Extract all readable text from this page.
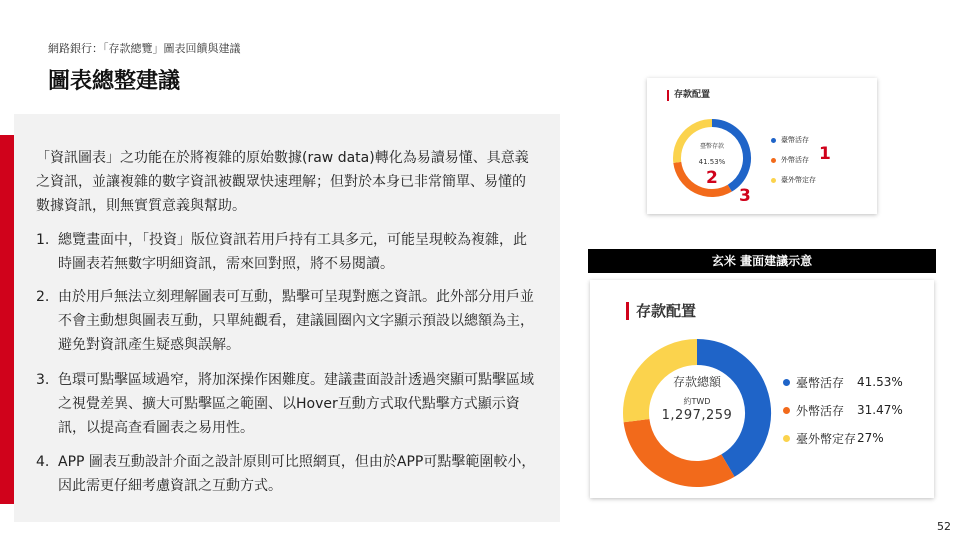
網路銀行：「存款總覽」圖表回饋與建議
圖表總整建議

「資訊圖表」之功能在於將複雜的原始數據(raw data)轉化為易讀易懂、具意義之資訊，並讓複雜的數字資訊被觀眾快速理解；但對於本身已非常簡單、易懂的數據資訊，則無實質意義與幫助。

1. 總覽畫面中，「投資」版位資訊若用戶持有工具多元，可能呈現較為複雜，此時圖表若無數字明細資訊，需來回對照，將不易閱讀。
2. 由於用戶無法立刻理解圖表可互動，點擊可呈現對應之資訊。此外部分用戶並不會主動想與圖表互動，只單純觀看，建議圓圈內文字顯示預設以總額為主，避免對資訊產生疑惑與誤解。
3. 色環可點擊區域過窄，將加深操作困難度。建議畫面設計透過突顯可點擊區域之視覺差異、擴大可點擊區之範圍、以Hover互動方式取代點擊方式顯示資訊，以提高查看圖表之易用性。
4. APP 圖表互動設計介面之設計原則可比照網頁，但由於APP可點擊範圍較小，因此需更仔細考慮資訊之互動方式。
存款配置
臺幣存款
41.53%
臺幣活存
外幣活存
臺外幣定存
1
2
3
玄米 畫面建議示意
存款配置
存款總額
約TWD
1,297,259
臺幣活存	41.53%
外幣活存	31.47%
臺外幣定存 27%
52
